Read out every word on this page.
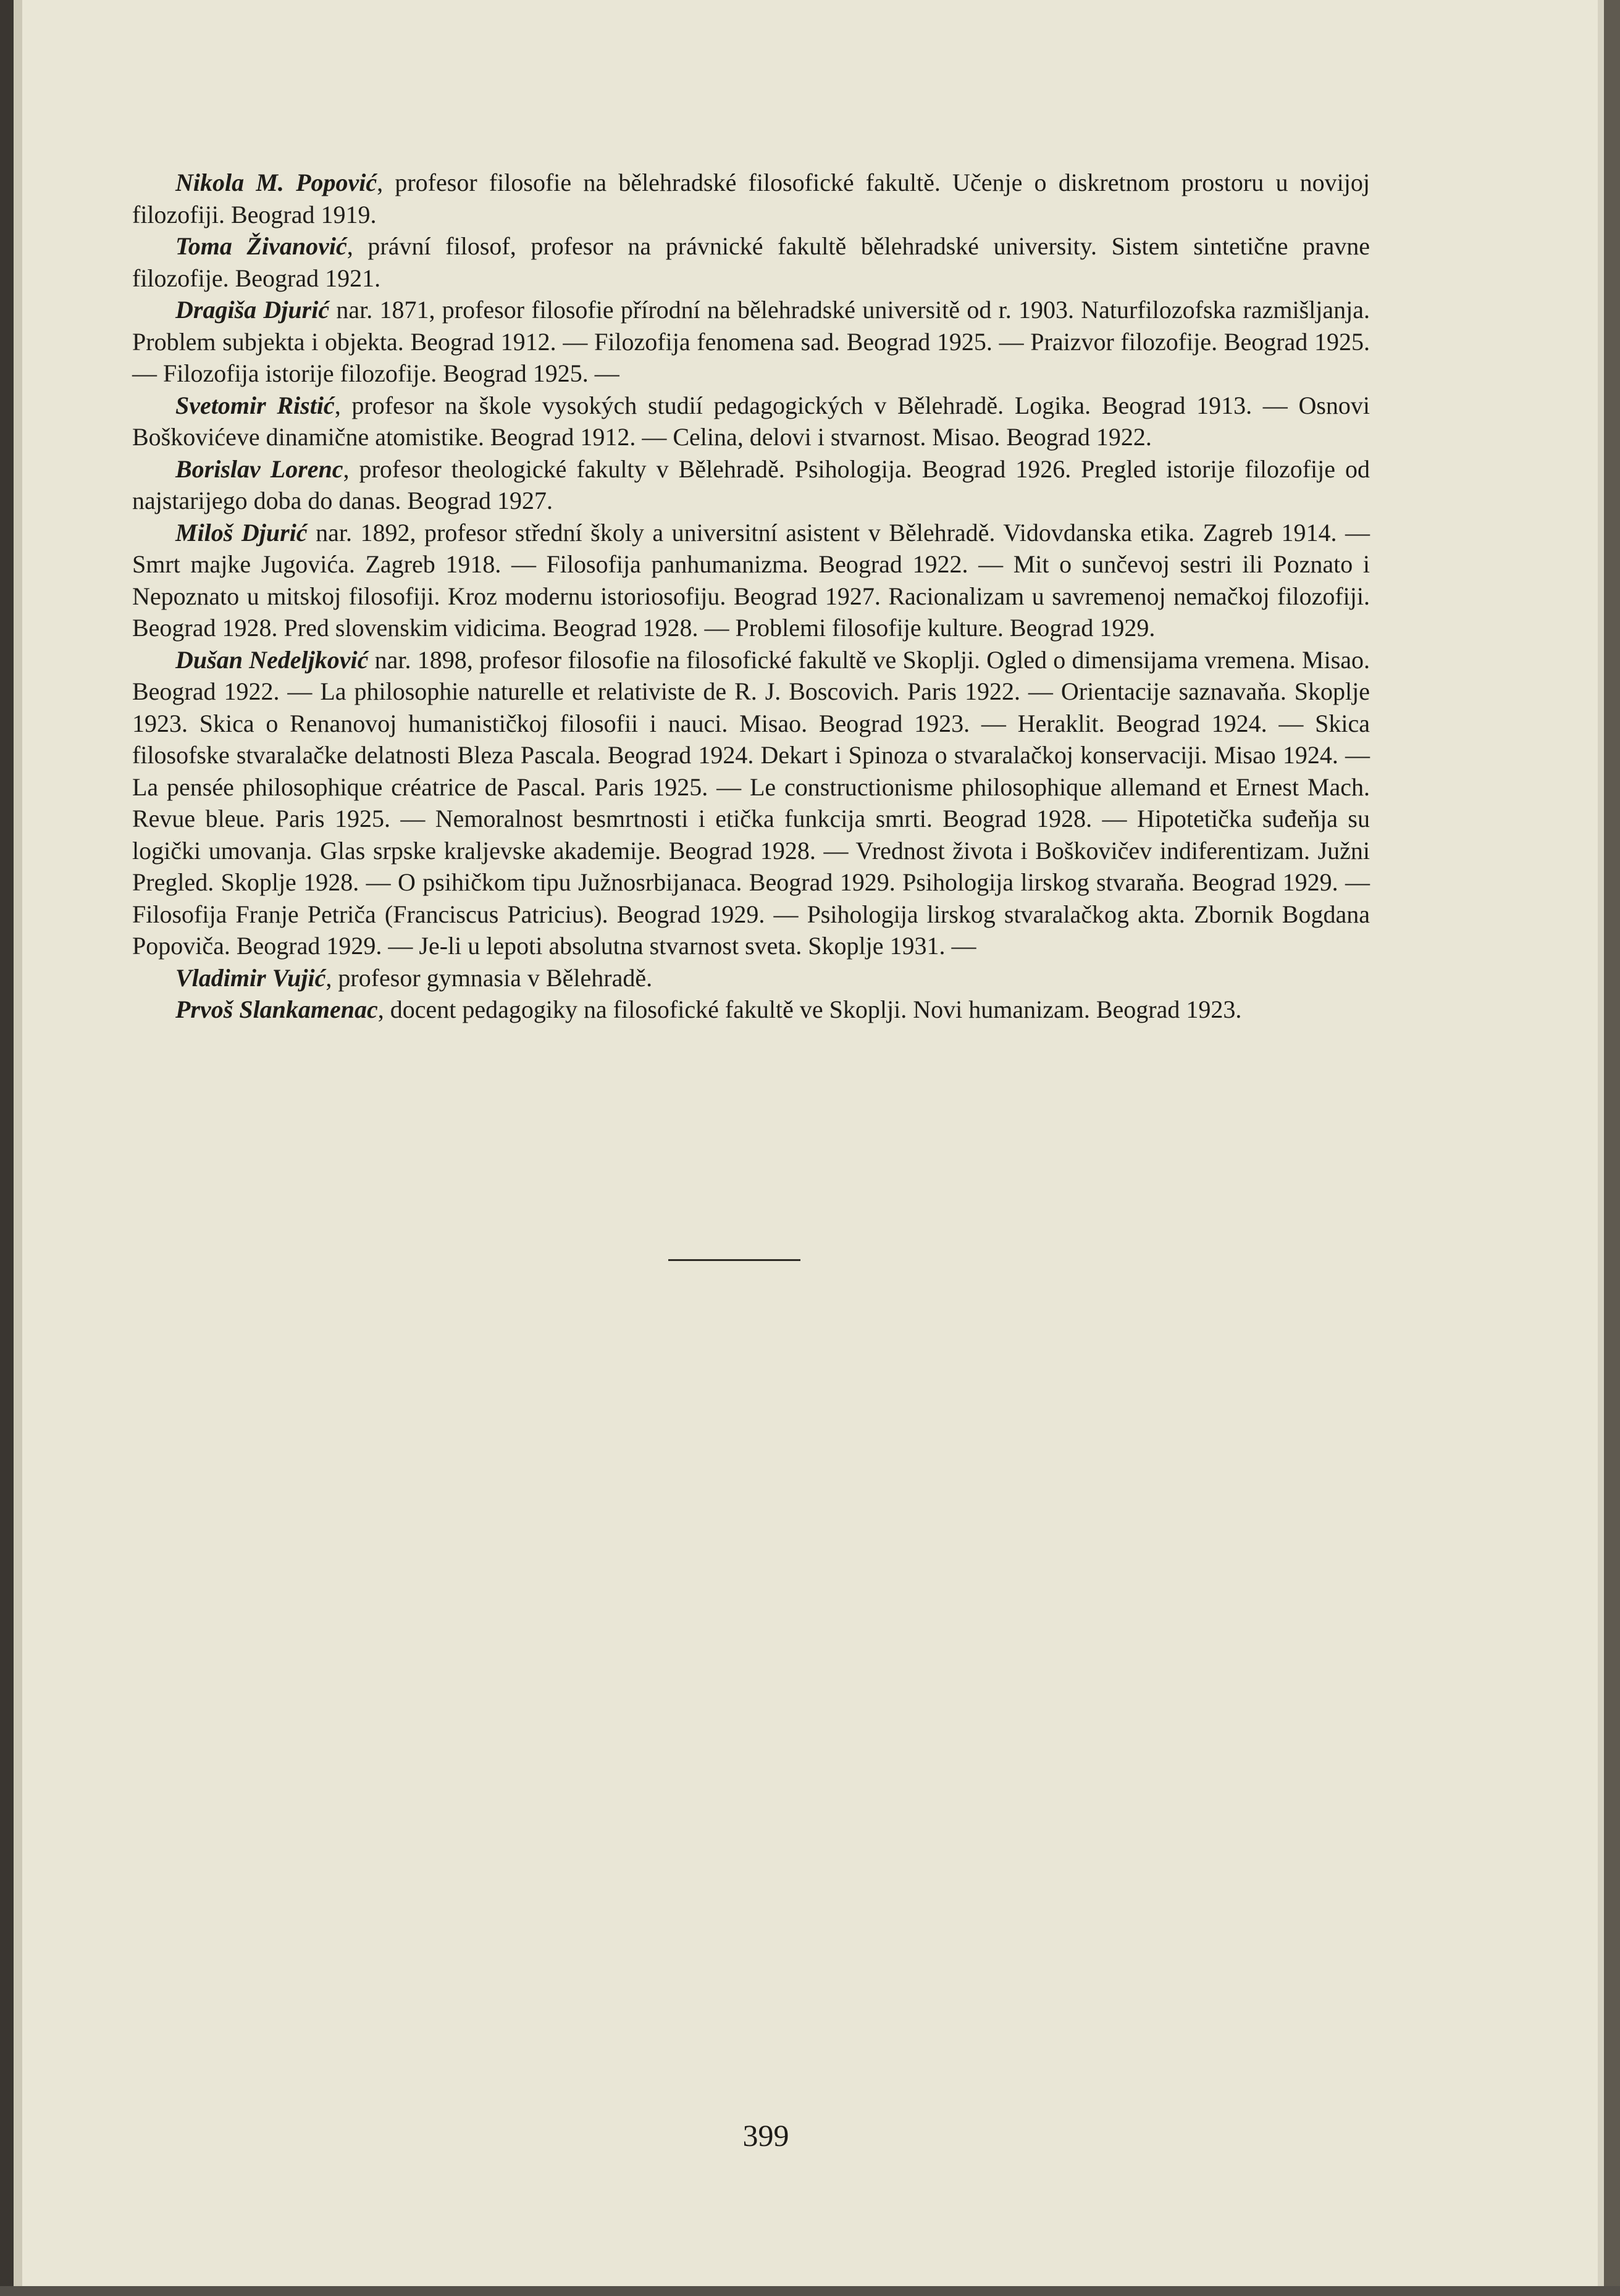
Nikola M. Popović, profesor filosofie na bělehradské filosofické fakultě. Učenje o diskretnom prostoru u novijoj filozofiji. Beograd 1919.

Toma Živanović, právní filosof, profesor na právnické fakultě bělehradské university. Sistem sintetične pravne filozofije. Beograd 1921.

Dragiša Djurić nar. 1871, profesor filosofie přírodní na bělehradské universitě od r. 1903. Naturfilozofska razmišljanja. Problem subjekta i objekta. Beograd 1912. — Filozofija fenomena sad. Beograd 1925. — Praizvor filozofije. Beograd 1925. — Filozofija istorije filozofije. Beograd 1925. —

Svetomir Ristić, profesor na škole vysokých studií pedagogických v Bělehradě. Logika. Beograd 1913. — Osnovi Boškovićeve dinamične atomistike. Beograd 1912. — Celina, delovi i stvarnost. Misao. Beograd 1922.

Borislav Lorenc, profesor theologické fakulty v Bělehradě. Psihologija. Beograd 1926. Pregled istorije filozofije od najstarijego doba do danas. Beograd 1927.

Miloš Djurić nar. 1892, profesor střední školy a universitní asistent v Bělehradě. Vidovdanska etika. Zagreb 1914. — Smrt majke Jugovića. Zagreb 1918. — Filosofija panhumanizma. Beograd 1922. — Mit o sunčevoj sestri ili Poznato i Nepoznato u mitskoj filosofiji. Kroz modernu istoriosofiju. Beograd 1927. Racionalizam u savremenoj nemačkoj filozofiji. Beograd 1928. Pred slovenskim vidicima. Beograd 1928. — Problemi filosofije kulture. Beograd 1929.

Dušan Nedeljković nar. 1898, profesor filosofie na filosofické fakultě ve Skoplji. Ogled o dimensijama vremena. Misao. Beograd 1922. — La philosophie naturelle et relativiste de R. J. Boscovich. Paris 1922. — Orientacije saznavaňa. Skoplje 1923. Skica o Renanovoj humanističkoj filosofii i nauci. Misao. Beograd 1923. — Heraklit. Beograd 1924. — Skica filosofske stvaralačke delatnosti Bleza Pascala. Beograd 1924. Dekart i Spinoza o stvaralačkoj konservaciji. Misao 1924. — La pensée philosophique créatrice de Pascal. Paris 1925. — Le constructionisme philosophique allemand et Ernest Mach. Revue bleue. Paris 1925. — Nemoralnost besmrtnosti i etička funkcija smrti. Beograd 1928. — Hipotetička suđeňja su logički umovanja. Glas srpske kraljevske akademije. Beograd 1928. — Vrednost života i Boškovičev indiferentizam. Južni Pregled. Skoplje 1928. — O psihičkom tipu Južnosrbijanaca. Beograd 1929. Psihologija lirskog stvaraňa. Beograd 1929. — Filosofija Franje Petriča (Franciscus Patricius). Beograd 1929. — Psihologija lirskog stvaralačkog akta. Zbornik Bogdana Popoviča. Beograd 1929. — Je-li u lepoti absolutna stvarnost sveta. Skoplje 1931. —

Vladimir Vujić, profesor gymnasia v Bělehradě.

Prvoš Slankamenac, docent pedagogiky na filosofické fakultě ve Skoplji. Novi humanizam. Beograd 1923.

399
